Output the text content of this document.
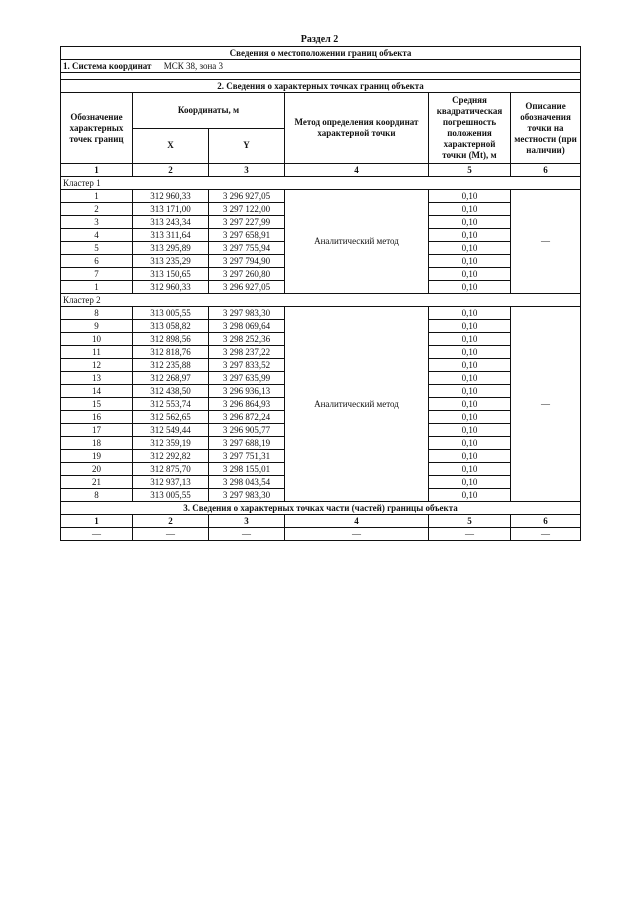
Раздел 2
Сведения о местоположении границ объекта					
1. Система координат МСК 38, зона 3					

2. Сведения о характерных точках границ объекта					
Обозначение характерных точек границ	Координаты, м		Метод определения координат характерной точки	Средняя квадратическая погрешность положения характерной точки (Mt), м	Описание обозначения точки на местности (при наличии)
	X	Y			
1	2	3	4	5	6
Кластер 1					
1	312 960,33	3 296 927,05	Аналитический метод	0,10	—
2	313 171,00	3 297 122,00		0,10	
3	313 243,34	3 297 227,99		0,10	
4	313 311,64	3 297 658,91		0,10	
5	313 295,89	3 297 755,94		0,10	
6	313 235,29	3 297 794,90		0,10	
7	313 150,65	3 297 260,80		0,10	
1	312 960,33	3 296 927,05		0,10	
Кластер 2					
8	313 005,55	3 297 983,30	Аналитический метод	0,10	—
9	313 058,82	3 298 069,64		0,10	
10	312 898,56	3 298 252,36		0,10	
11	312 818,76	3 298 237,22		0,10	
12	312 235,88	3 297 833,52		0,10	
13	312 268,97	3 297 635,99		0,10	
14	312 438,50	3 296 936,13		0,10	
15	312 553,74	3 296 864,93		0,10	
16	312 562,65	3 296 872,24		0,10	
17	312 549,44	3 296 905,77		0,10	
18	312 359,19	3 297 688,19		0,10	
19	312 292,82	3 297 751,31		0,10	
20	312 875,70	3 298 155,01		0,10	
21	312 937,13	3 298 043,54		0,10	
8	313 005,55	3 297 983,30		0,10	
3. Сведения о характерных точках части (частей) границы объекта					
1	2	3	4	5	6
—	—	—	—	—	—
